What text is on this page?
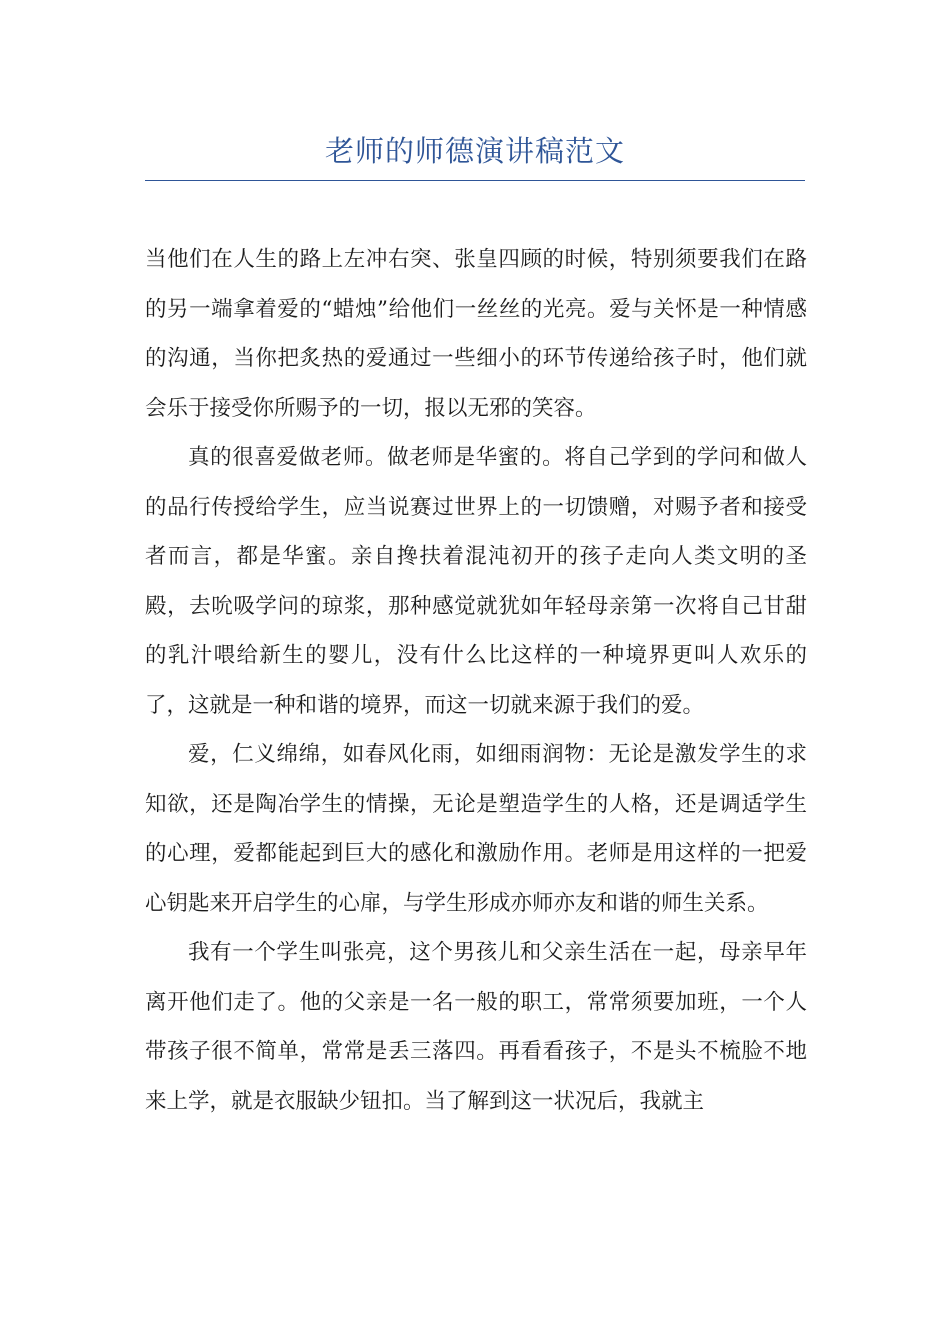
老师的师德演讲稿范文

当他们在人生的路上左冲右突、张皇四顾的时候，特别须要我们在路的另一端拿着爱的“蜡烛”给他们一丝丝的光亮。爱与关怀是一种情感的沟通，当你把炙热的爱通过一些细小的环节传递给孩子时，他们就会乐于接受你所赐予的一切，报以无邪的笑容。

真的很喜爱做老师。做老师是华蜜的。将自己学到的学问和做人的品行传授给学生，应当说赛过世界上的一切馈赠，对赐予者和接受者而言，都是华蜜。亲自搀扶着混沌初开的孩子走向人类文明的圣殿，去吮吸学问的琼浆，那种感觉就犹如年轻母亲第一次将自己甘甜的乳汁喂给新生的婴儿，没有什么比这样的一种境界更叫人欢乐的了，这就是一种和谐的境界，而这一切就来源于我们的爱。

爱，仁义绵绵，如春风化雨，如细雨润物：无论是激发学生的求知欲，还是陶冶学生的情操，无论是塑造学生的人格，还是调适学生的心理，爱都能起到巨大的感化和激励作用。老师是用这样的一把爱心钥匙来开启学生的心扉，与学生形成亦师亦友和谐的师生关系。

我有一个学生叫张亮，这个男孩儿和父亲生活在一起，母亲早年离开他们走了。他的父亲是一名一般的职工，常常须要加班，一个人带孩子很不简单，常常是丢三落四。再看看孩子，不是头不梳脸不地来上学，就是衣服缺少钮扣。当了解到这一状况后，我就主
